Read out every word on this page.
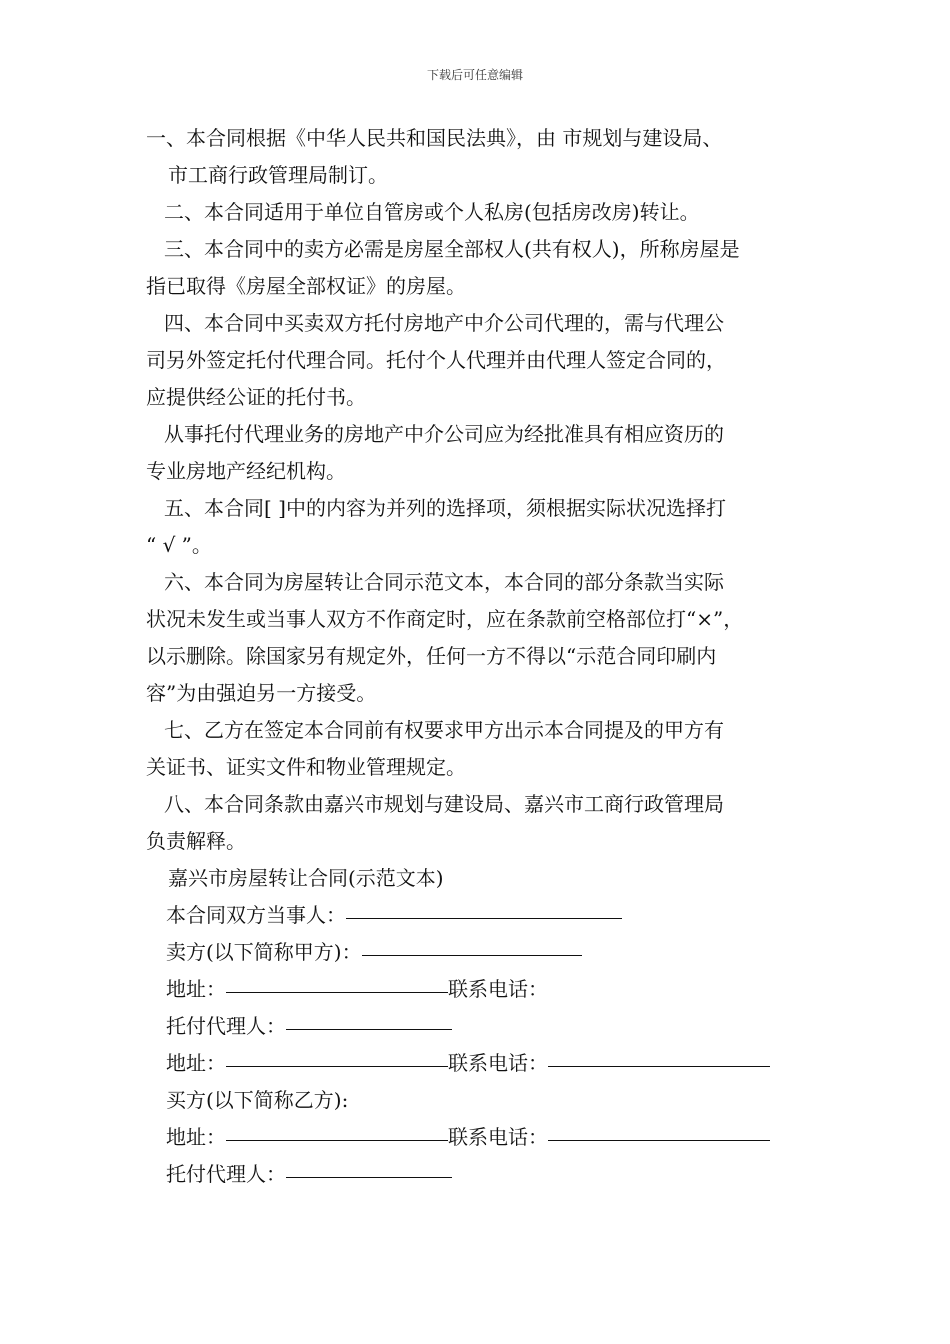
下载后可任意编辑

一、本合同根据《中华人民共和国民法典》，由 市规划与建设局、

市工商行政管理局制订。

二、本合同适用于单位自管房或个人私房(包括房改房)转让。

三、本合同中的卖方必需是房屋全部权人(共有权人)，所称房屋是

指已取得《房屋全部权证》的房屋。

四、本合同中买卖双方托付房地产中介公司代理的，需与代理公

司另外签定托付代理合同。托付个人代理并由代理人签定合同的，

应提供经公证的托付书。

从事托付代理业务的房地产中介公司应为经批准具有相应资历的

专业房地产经纪机构。

五、本合同[ ]中的内容为并列的选择项，须根据实际状况选择打

“ √ ”。

六、本合同为房屋转让合同示范文本，本合同的部分条款当实际

状况未发生或当事人双方不作商定时，应在条款前空格部位打“×”，

以示删除。除国家另有规定外，任何一方不得以“示范合同印刷内

容”为由强迫另一方接受。

七、乙方在签定本合同前有权要求甲方出示本合同提及的甲方有

关证书、证实文件和物业管理规定。

八、本合同条款由嘉兴市规划与建设局、嘉兴市工商行政管理局

负责解释。

嘉兴市房屋转让合同(示范文本)

本合同双方当事人：
卖方(以下简称甲方)：
地址：	联系电话：
托付代理人：
地址：	联系电话：
买方(以下简称乙方):
地址：	联系电话：
托付代理人：
